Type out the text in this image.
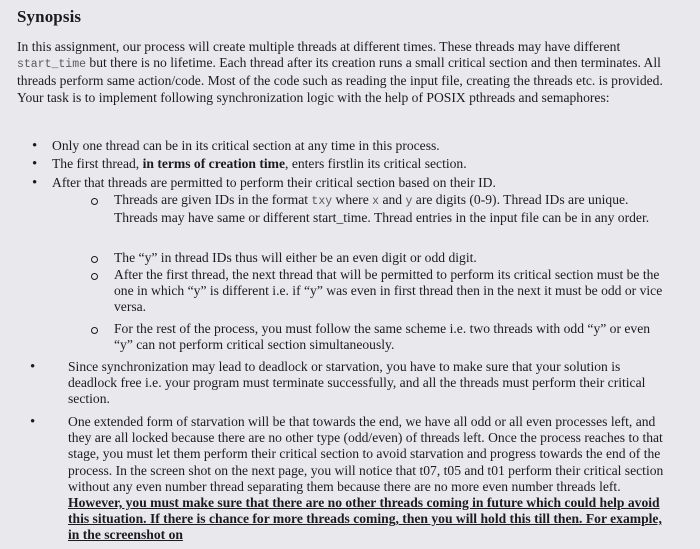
Synopsis

In this assignment, our process will create multiple threads at different times. These threads may have different start_time but there is no lifetime. Each thread after its creation runs a small critical section and then terminates. All threads perform same action/code. Most of the code such as reading the input file, creating the threads etc. is provided. Your task is to implement following synchronization logic with the help of POSIX pthreads and semaphores:

• Only one thread can be in its critical section at any time in this process.

• The first thread, in terms of creation time, enters firstlin its critical section.

• After that threads are permitted to perform their critical section based on their ID.

Threads are given IDs in the format txy where x and y are digits (0-9). Thread IDs are unique. Threads may have same or different start_time. Thread entries in the input file can be in any order.

The “y” in thread IDs thus will either be an even digit or odd digit.

After the first thread, the next thread that will be permitted to perform its critical section must be the one in which “y” is different i.e. if “y” was even in first thread then in the next it must be odd or vice versa.

For the rest of the process, you must follow the same scheme i.e. two threads with odd “y” or even “y” can not perform critical section simultaneously.

• Since synchronization may lead to deadlock or starvation, you have to make sure that your solution is deadlock free i.e. your program must terminate successfully, and all the threads must perform their critical section.

• One extended form of starvation will be that towards the end, we have all odd or all even processes left, and they are all locked because there are no other type (odd/even) of threads left. Once the process reaches to that stage, you must let them perform their critical section to avoid starvation and progress towards the end of the process. In the screen shot on the next page, you will notice that t07, t05 and t01 perform their critical section without any even number thread separating them because there are no more even number threads left. However, you must make sure that there are no other threads coming in future which could help avoid this situation. If there is chance for more threads coming, then you will hold this till then. For example, in the screenshot on
